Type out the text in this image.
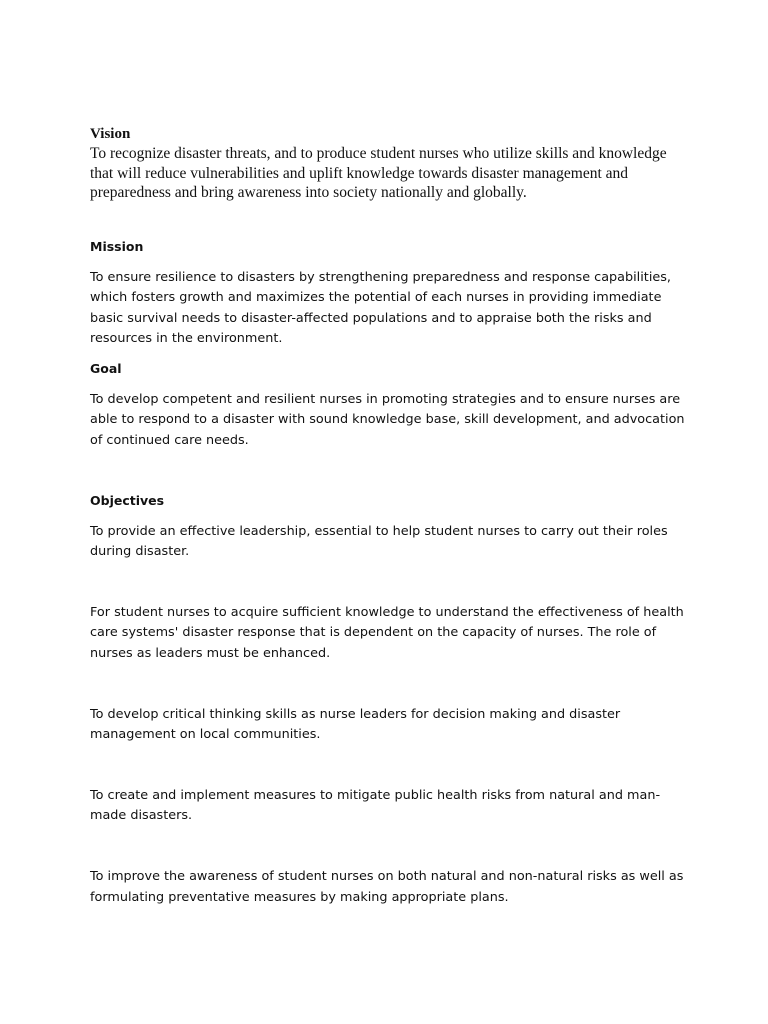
Vision

To recognize disaster threats, and to produce student nurses who utilize skills and knowledge that will reduce vulnerabilities and uplift knowledge towards disaster management and preparedness and bring awareness into society nationally and globally.

Mission

To ensure resilience to disasters by strengthening preparedness and response capabilities, which fosters growth and maximizes the potential of each nurses in providing immediate basic survival needs to disaster-affected populations and to appraise both the risks and resources in the environment.

Goal

To develop competent and resilient nurses in promoting strategies and to ensure nurses are able to respond to a disaster with sound knowledge base, skill development, and advocation of continued care needs.

Objectives

To provide an effective leadership, essential to help student nurses to carry out their roles during disaster.

For student nurses to acquire sufficient knowledge to understand the effectiveness of health care systems' disaster response that is dependent on the capacity of nurses. The role of nurses as leaders must be enhanced.

To develop critical thinking skills as nurse leaders for decision making and disaster management on local communities.

To create and implement measures to mitigate public health risks from natural and man-made disasters.

To improve the awareness of student nurses on both natural and non-natural risks as well as formulating preventative measures by making appropriate plans.
